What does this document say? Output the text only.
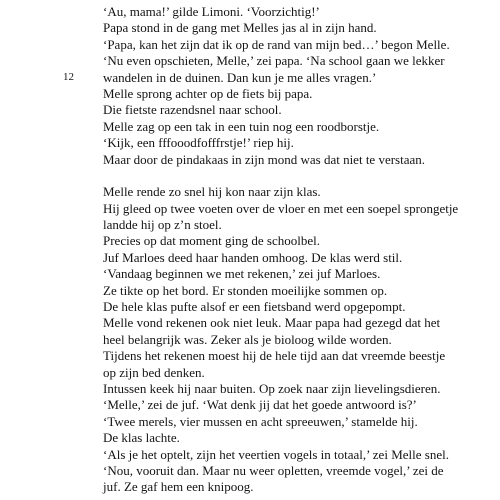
12
‘Au, mama!’ gilde Limoni. ‘Voorzichtig!’
Papa stond in de gang met Melles jas al in zijn hand.
‘Papa, kan het zijn dat ik op de rand van mijn bed…’ begon Melle.
‘Nu even opschieten, Melle,’ zei papa. ‘Na school gaan we lekker
wandelen in de duinen. Dan kun je me alles vragen.’
Melle sprong achter op de fiets bij papa.
Die fietste razendsnel naar school.
Melle zag op een tak in een tuin nog een roodborstje.
‘Kijk, een fffooodfofffrstje!’ riep hij.
Maar door de pindakaas in zijn mond was dat niet te verstaan.
Melle rende zo snel hij kon naar zijn klas.
Hij gleed op twee voeten over de vloer en met een soepel sprongetje
landde hij op z’n stoel.
Precies op dat moment ging de schoolbel.
Juf Marloes deed haar handen omhoog. De klas werd stil.
‘Vandaag beginnen we met rekenen,’ zei juf Marloes.
Ze tikte op het bord. Er stonden moeilijke sommen op.
De hele klas pufte alsof er een fietsband werd opgepompt.
Melle vond rekenen ook niet leuk. Maar papa had gezegd dat het
heel belangrijk was. Zeker als je bioloog wilde worden.
Tijdens het rekenen moest hij de hele tijd aan dat vreemde beestje
op zijn bed denken.
Intussen keek hij naar buiten. Op zoek naar zijn lievelingsdieren.
‘Melle,’ zei de juf. ‘Wat denk jij dat het goede antwoord is?’
‘Twee merels, vier mussen en acht spreeuwen,’ stamelde hij.
De klas lachte.
‘Als je het optelt, zijn het veertien vogels in totaal,’ zei Melle snel.
‘Nou, vooruit dan. Maar nu weer opletten, vreemde vogel,’ zei de
juf. Ze gaf hem een knipoog.
